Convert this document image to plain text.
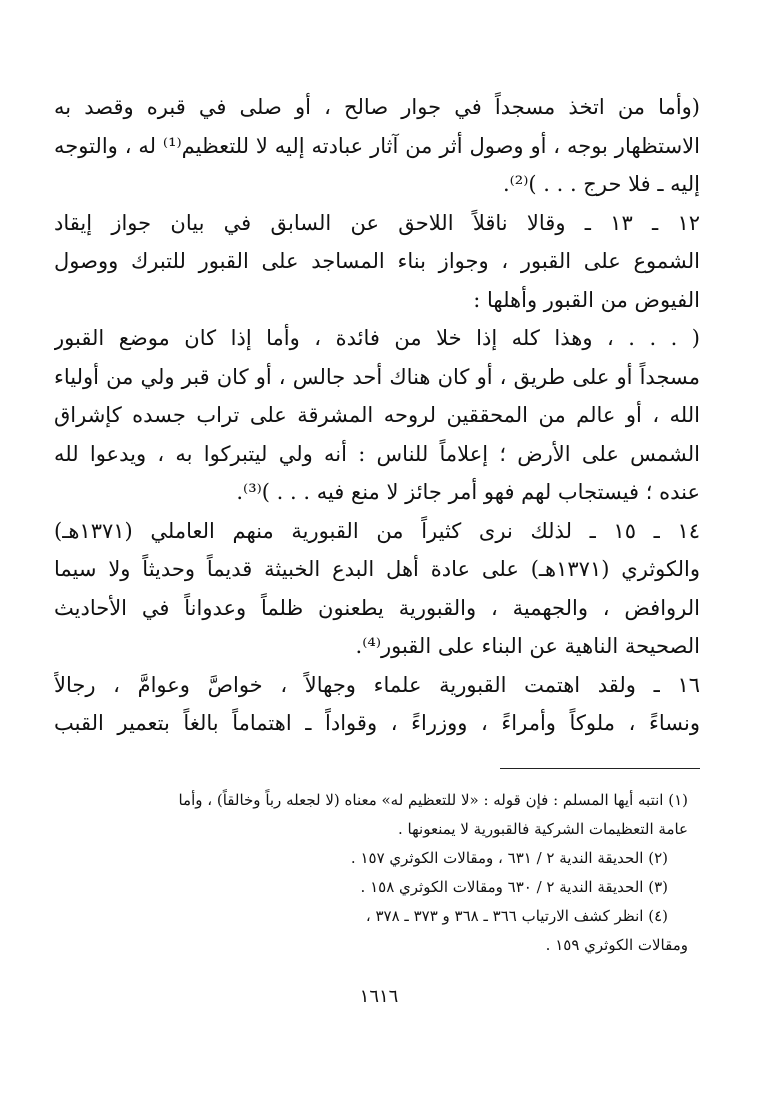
(وأما من اتخذ مسجداً في جوار صالح ، أو صلى في قبره وقصد به
الاستظهار بوجه ، أو وصول أثر من آثار عبادته إليه لا للتعظيم⁽¹⁾ له ، والتوجه
إليه ـ فلا حرج . . . )⁽²⁾.
١٢ ـ ١٣ ـ وقالا ناقلاً اللاحق عن السابق في بيان جواز إيقاد
الشموع على القبور ، وجواز بناء المساجد على القبور للتبرك ووصول
الفيوض من القبور وأهلها :
( . . . ، وهذا كله إذا خلا من فائدة ، وأما إذا كان موضع القبور
مسجداً أو على طريق ، أو كان هناك أحد جالس ، أو كان قبر ولي من أولياء
الله ، أو عالم من المحققين لروحه المشرقة على تراب جسده كإشراق
الشمس على الأرض ؛ إعلاماً للناس : أنه ولي ليتبركوا به ، ويدعوا لله
عنده ؛ فيستجاب لهم فهو أمر جائز لا منع فيه . . . )⁽³⁾.
١٤ ـ ١٥ ـ لذلك نرى كثيراً من القبورية منهم العاملي (١٣٧١هـ)
والكوثري (١٣٧١هـ) على عادة أهل البدع الخبيثة قديماً وحديثاً ولا سيما
الروافض ، والجهمية ، والقبورية يطعنون ظلماً وعدواناً في الأحاديث
الصحيحة الناهية عن البناء على القبور⁽⁴⁾.
١٦ ـ ولقد اهتمت القبورية علماء وجهالاً ، خواصَّ وعوامَّ ، رجالاً
ونساءً ، ملوكاً وأمراءً ، ووزراءً ، وقواداً ـ اهتماماً بالغاً بتعمير القبب
(١) انتبه أيها المسلم : فإن قوله : «لا للتعظيم له» معناه (لا لجعله رباً وخالقاً) ، وأما
عامة التعظيمات الشركية فالقبورية لا يمنعونها .
(٢) الحديقة الندية ٢ / ٦٣١ ، ومقالات الكوثري ١٥٧ .
(٣) الحديقة الندية ٢ / ٦٣٠ ومقالات الكوثري ١٥٨ .
(٤) انظر كشف الارتياب ٣٦٦ ـ ٣٦٨ و ٣٧٣ ـ ٣٧٨ ،
ومقالات الكوثري ١٥٩ .
١٦١٦
